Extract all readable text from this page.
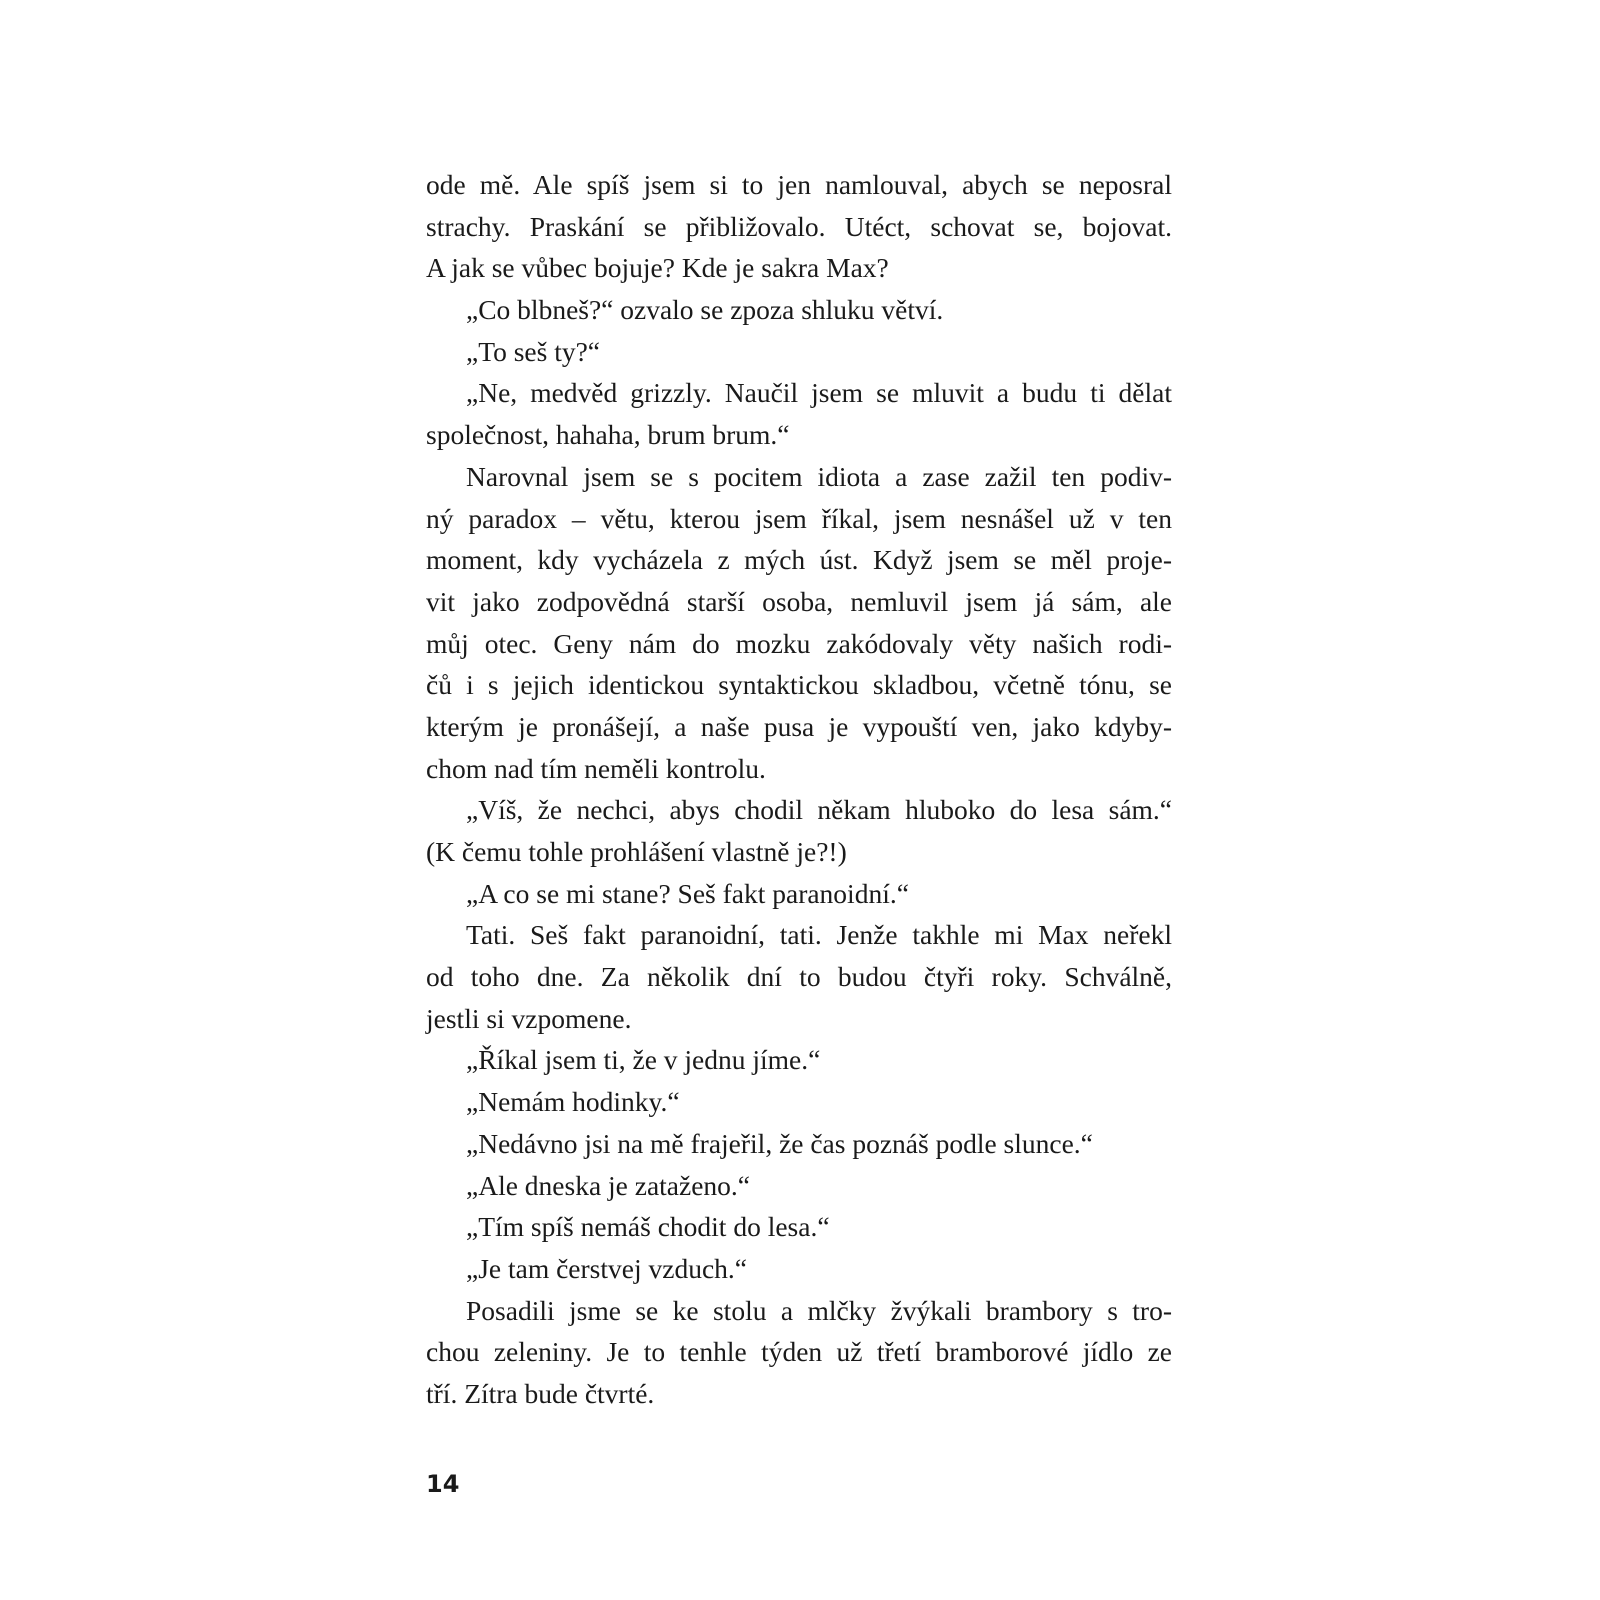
ode mě. Ale spíš jsem si to jen namlouval, abych se neposral
strachy. Praskání se přibližovalo. Utéct, schovat se, bojovat.
A jak se vůbec bojuje? Kde je sakra Max?
„Co blbneš?“ ozvalo se zpoza shluku větví.
„To seš ty?“
„Ne, medvěd grizzly. Naučil jsem se mluvit a budu ti dělat
společnost, hahaha, brum brum.“
Narovnal jsem se s pocitem idiota a zase zažil ten podiv-
ný paradox – větu, kterou jsem říkal, jsem nesnášel už v ten
moment, kdy vycházela z mých úst. Když jsem se měl proje-
vit jako zodpovědná starší osoba, nemluvil jsem já sám, ale
můj otec. Geny nám do mozku zakódovaly věty našich rodi-
čů i s jejich identickou syntaktickou skladbou, včetně tónu, se
kterým je pronášejí, a naše pusa je vypouští ven, jako kdyby-
chom nad tím neměli kontrolu.
„Víš, že nechci, abys chodil někam hluboko do lesa sám.“
(K čemu tohle prohlášení vlastně je?!)
„A co se mi stane? Seš fakt paranoidní.“
Tati. Seš fakt paranoidní, tati. Jenže takhle mi Max neřekl
od toho dne. Za několik dní to budou čtyři roky. Schválně,
jestli si vzpomene.
„Říkal jsem ti, že v jednu jíme.“
„Nemám hodinky.“
„Nedávno jsi na mě frajeřil, že čas poznáš podle slunce.“
„Ale dneska je zataženo.“
„Tím spíš nemáš chodit do lesa.“
„Je tam čerstvej vzduch.“
Posadili jsme se ke stolu a mlčky žvýkali brambory s tro-
chou zeleniny. Je to tenhle týden už třetí bramborové jídlo ze
tří. Zítra bude čtvrté.
14
